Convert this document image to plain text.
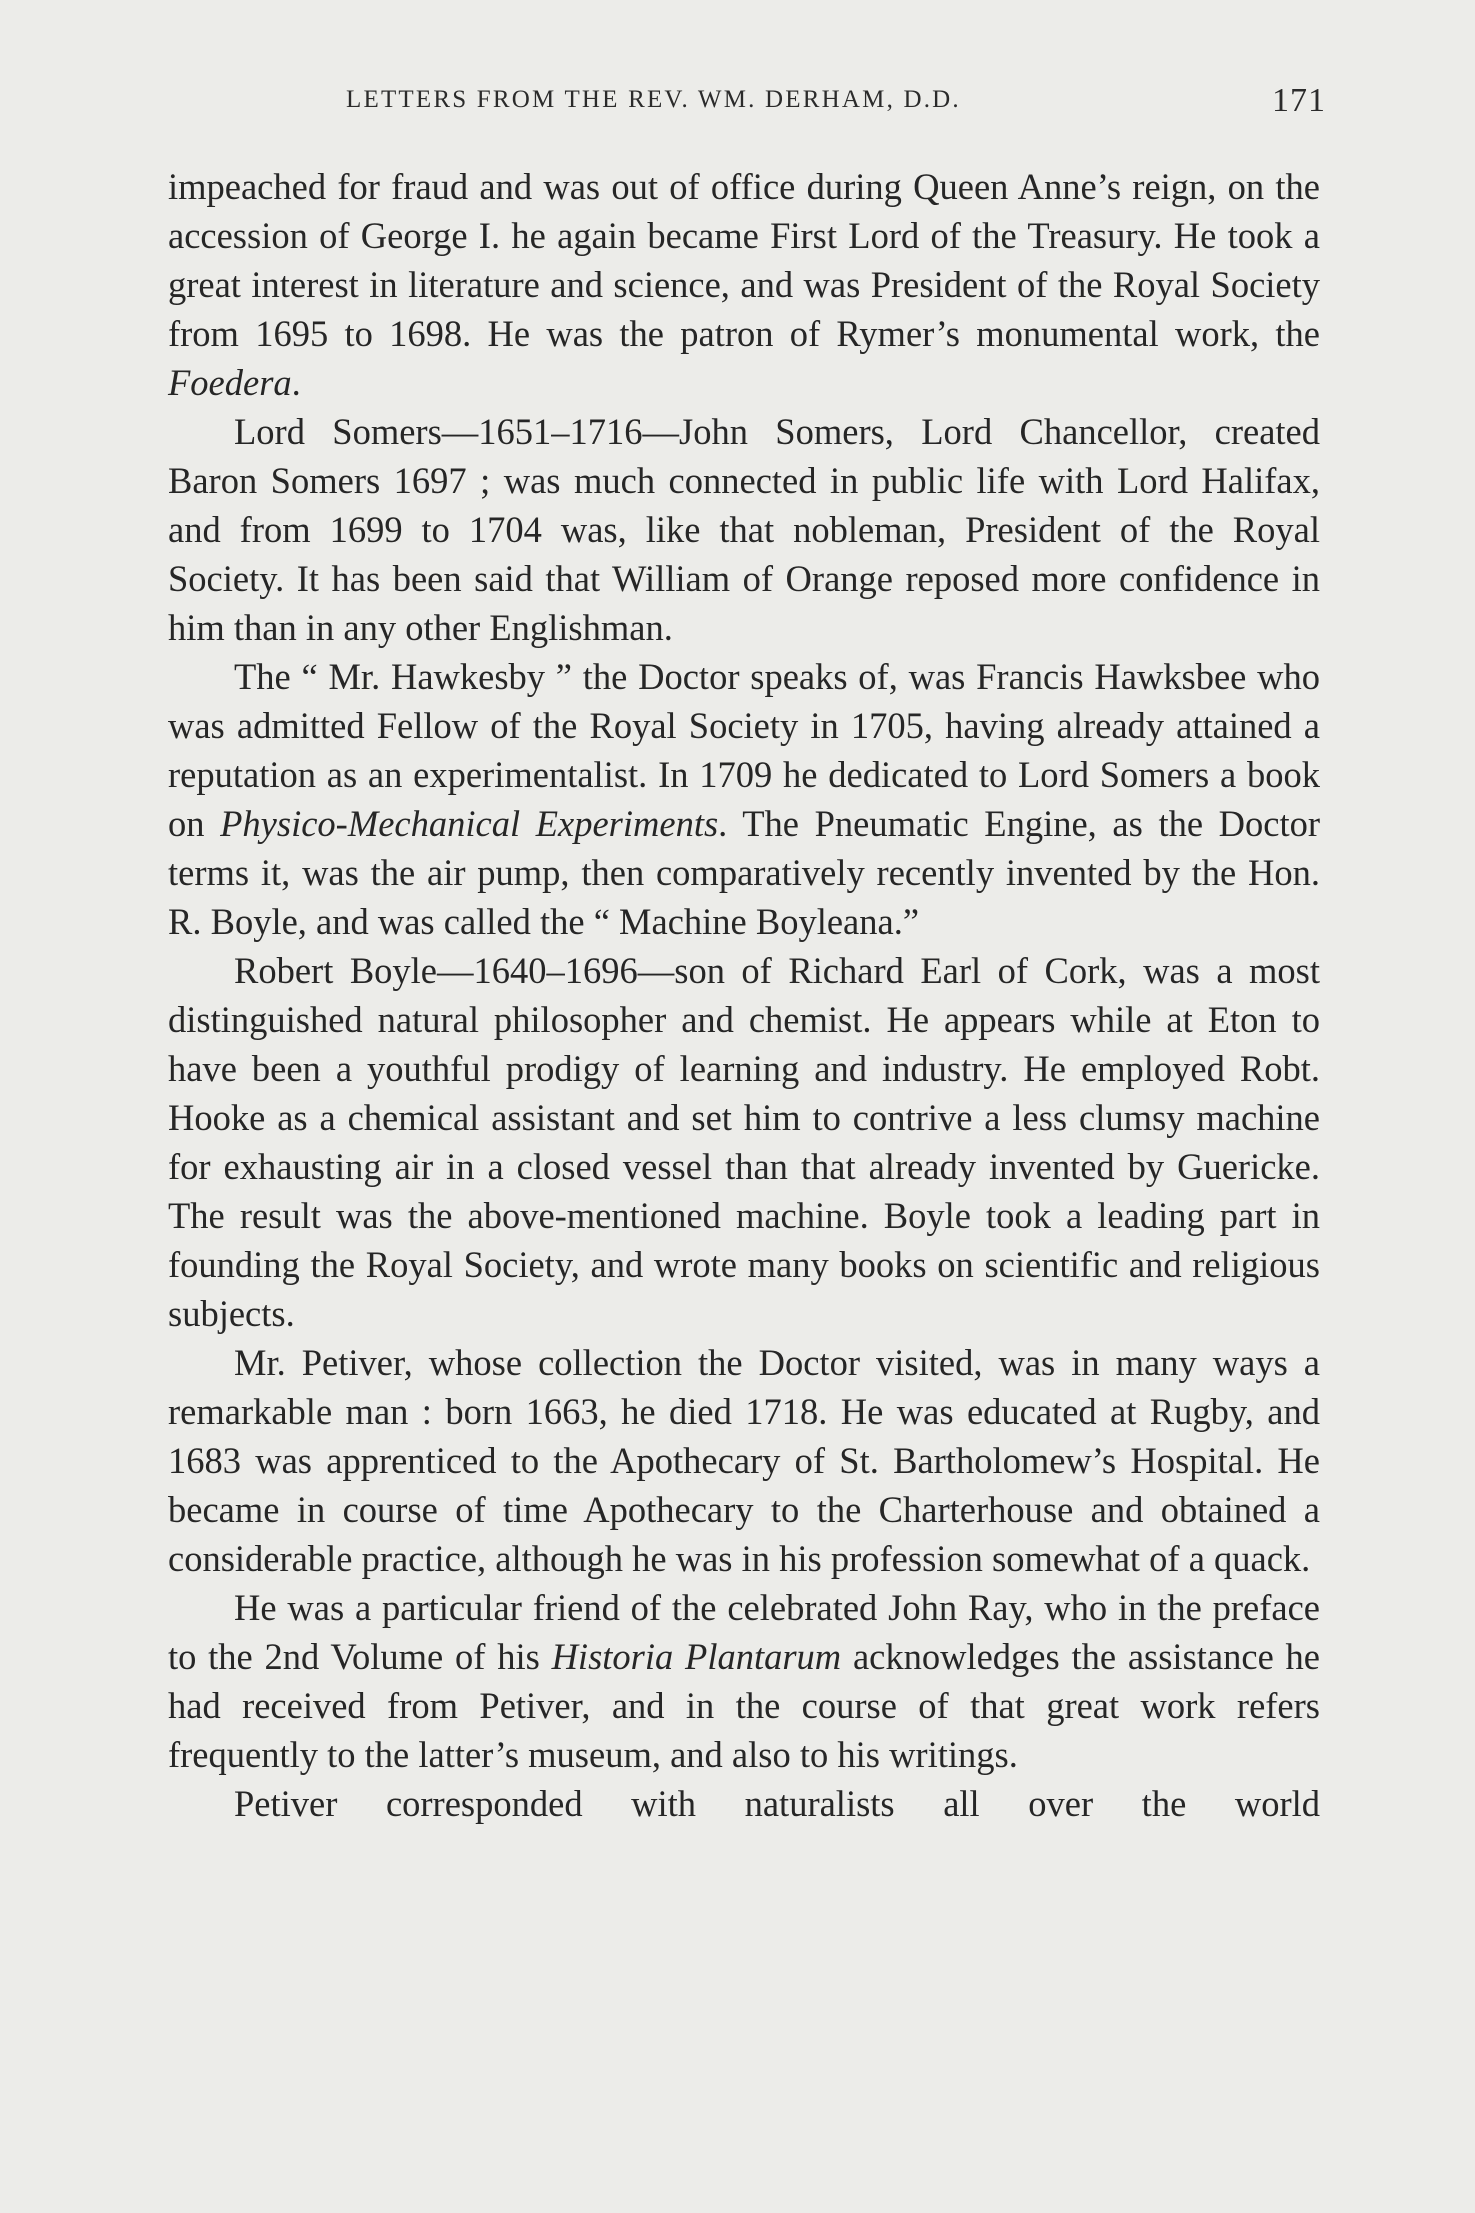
LETTERS FROM THE REV. WM. DERHAM, D.D.	171

impeached for fraud and was out of office during Queen Anne’s reign, on the accession of George I. he again became First Lord of the Treasury. He took a great interest in literature and science, and was President of the Royal Society from 1695 to 1698. He was the patron of Rymer’s monumental work, the Foedera.

Lord Somers—1651–1716—John Somers, Lord Chancellor, created Baron Somers 1697 ; was much connected in public life with Lord Halifax, and from 1699 to 1704 was, like that nobleman, President of the Royal Society. It has been said that William of Orange reposed more confidence in him than in any other Englishman.

The “ Mr. Hawkesby ” the Doctor speaks of, was Francis Hawksbee who was admitted Fellow of the Royal Society in 1705, having already attained a reputation as an experimentalist. In 1709 he dedicated to Lord Somers a book on Physico-Mechanical Experiments. The Pneumatic Engine, as the Doctor terms it, was the air pump, then comparatively recently invented by the Hon. R. Boyle, and was called the “ Machine Boyleana.”

Robert Boyle—1640–1696—son of Richard Earl of Cork, was a most distinguished natural philosopher and chemist. He appears while at Eton to have been a youthful prodigy of learning and industry. He employed Robt. Hooke as a chemical assistant and set him to contrive a less clumsy machine for exhausting air in a closed vessel than that already invented by Guericke. The result was the above-mentioned machine. Boyle took a leading part in founding the Royal Society, and wrote many books on scientific and religious subjects.

Mr. Petiver, whose collection the Doctor visited, was in many ways a remarkable man : born 1663, he died 1718. He was educated at Rugby, and 1683 was apprenticed to the Apothecary of St. Bartholomew’s Hospital. He became in course of time Apothecary to the Charterhouse and obtained a considerable practice, although he was in his profession somewhat of a quack.

He was a particular friend of the celebrated John Ray, who in the preface to the 2nd Volume of his Historia Plantarum acknowledges the assistance he had received from Petiver, and in the course of that great work refers frequently to the latter’s museum, and also to his writings.

Petiver corresponded with naturalists all over the world
